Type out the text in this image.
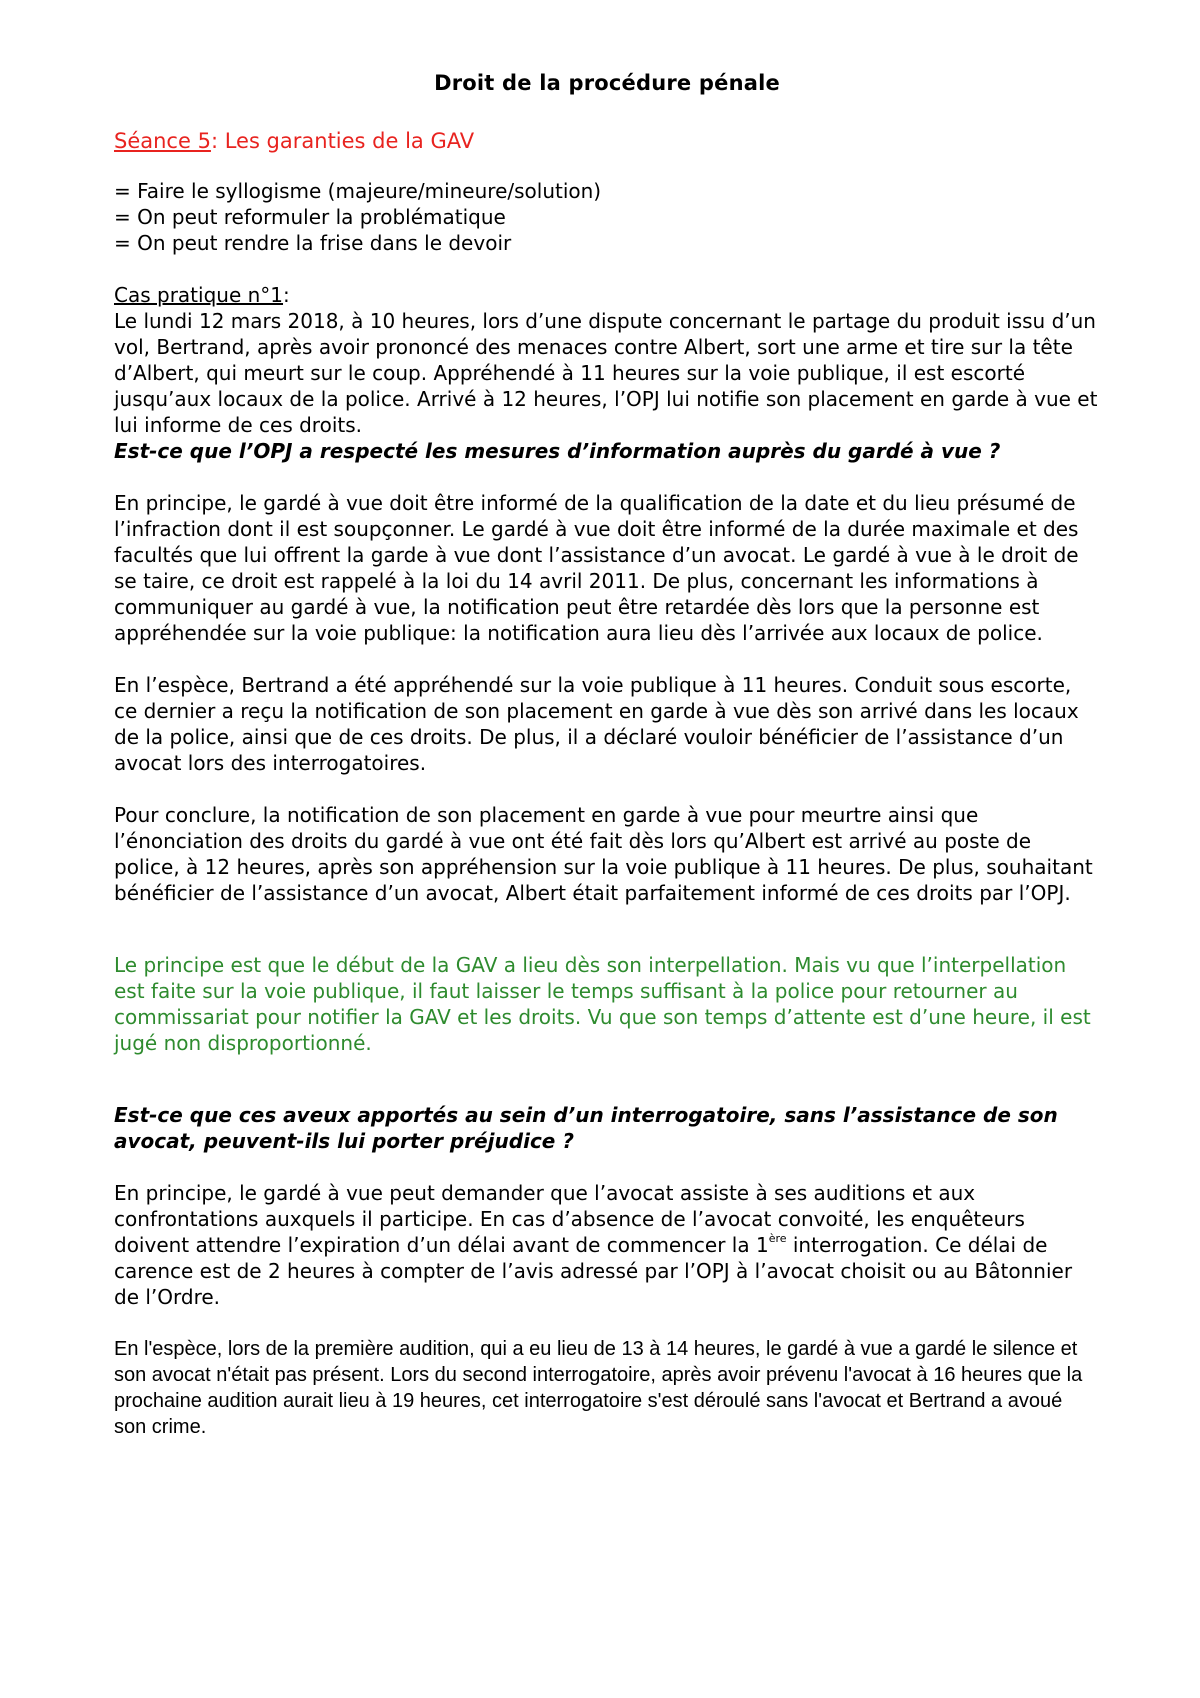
Droit de la procédure pénale
Séance 5: Les garanties de la GAV

= Faire le syllogisme (majeure/mineure/solution)

= On peut reformuler la problématique

= On peut rendre la frise dans le devoir

Cas pratique n°1:

Le lundi 12 mars 2018, à 10 heures, lors d’une dispute concernant le partage du produit issu d’un vol, Bertrand, après avoir prononcé des menaces contre Albert, sort une arme et tire sur la tête d’Albert, qui meurt sur le coup. Appréhendé à 11 heures sur la voie publique, il est escorté jusqu’aux locaux de la police. Arrivé à 12 heures, l’OPJ lui notifie son placement en garde à vue et lui informe de ces droits.

Est-ce que l’OPJ a respecté les mesures d’information auprès du gardé à vue ?

En principe, le gardé à vue doit être informé de la qualification de la date et du lieu présumé de l’infraction dont il est soupçonner. Le gardé à vue doit être informé de la durée maximale et des facultés que lui offrent la garde à vue dont l’assistance d’un avocat. Le gardé à vue à le droit de se taire, ce droit est rappelé à la loi du 14 avril 2011. De plus, concernant les informations à communiquer au gardé à vue, la notification peut être retardée dès lors que la personne est appréhendée sur la voie publique: la notification aura lieu dès l’arrivée aux locaux de police.

En l’espèce, Bertrand a été appréhendé sur la voie publique à 11 heures. Conduit sous escorte, ce dernier a reçu la notification de son placement en garde à vue dès son arrivé dans les locaux de la police, ainsi que de ces droits. De plus, il a déclaré vouloir bénéficier de l’assistance d’un avocat lors des interrogatoires.

Pour conclure, la notification de son placement en garde à vue pour meurtre ainsi que l’énonciation des droits du gardé à vue ont été fait dès lors qu’Albert est arrivé au poste de police, à 12 heures, après son appréhension sur la voie publique à 11 heures. De plus, souhaitant bénéficier de l’assistance d’un avocat, Albert était parfaitement informé de ces droits par l’OPJ.

Le principe est que le début de la GAV a lieu dès son interpellation. Mais vu que l’interpellation est faite sur la voie publique, il faut laisser le temps suffisant à la police pour retourner au commissariat pour notifier la GAV et les droits. Vu que son temps d’attente est d’une heure, il est jugé non disproportionné.

Est-ce que ces aveux apportés au sein d’un interrogatoire, sans l’assistance de son avocat, peuvent-ils lui porter préjudice ?

En principe, le gardé à vue peut demander que l’avocat assiste à ses auditions et aux confrontations auxquels il participe. En cas d’absence de l’avocat convoité, les enquêteurs doivent attendre l’expiration d’un délai avant de commencer la 1ère interrogation. Ce délai de carence est de 2 heures à compter de l’avis adressé par l’OPJ à l’avocat choisit ou au Bâtonnier de l’Ordre.

En l'espèce, lors de la première audition, qui a eu lieu de 13 à 14 heures, le gardé à vue a gardé le silence et son avocat n'était pas présent. Lors du second interrogatoire, après avoir prévenu l'avocat à 16 heures que la prochaine audition aurait lieu à 19 heures, cet interrogatoire s'est déroulé sans l'avocat et Bertrand a avoué son crime.
